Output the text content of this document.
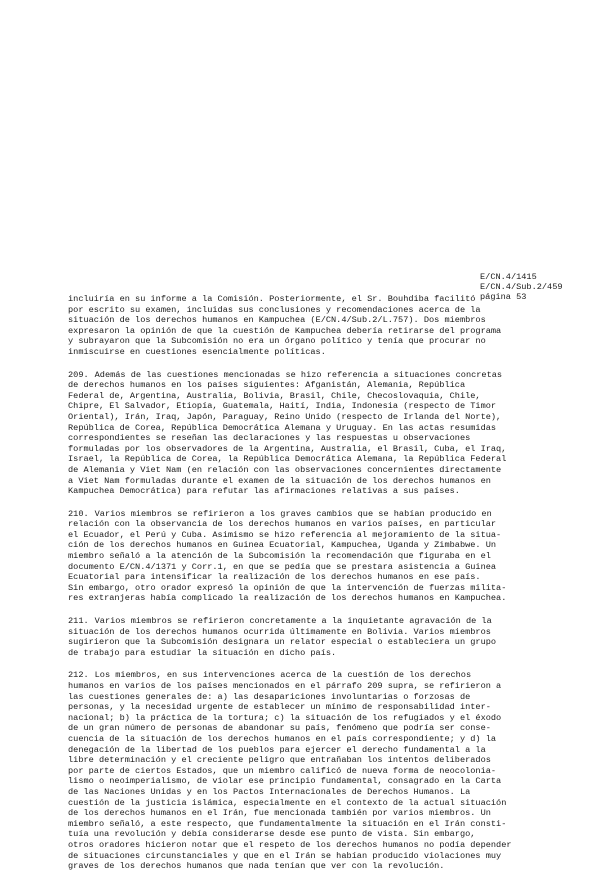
E/CN.4/1415
E/CN.4/Sub.2/459
página 53

incluiría en su informe a la Comisión. Posteriormente, el Sr. Bouhdiba facilitó
por escrito su examen, incluidas sus conclusiones y recomendaciones acerca de la
situación de los derechos humanos en Kampuchea (E/CN.4/Sub.2/L.757). Dos miembros
expresaron la opinión de que la cuestión de Kampuchea debería retirarse del programa
y subrayaron que la Subcomisión no era un órgano político y tenía que procurar no
inmiscuirse en cuestiones esencialmente políticas.

209. Además de las cuestiones mencionadas se hizo referencia a situaciones concretas
de derechos humanos en los países siguientes: Afganistán, Alemania, República
Federal de, Argentina, Australia, Bolivia, Brasil, Chile, Checoslovaquia, Chile,
Chipre, El Salvador, Etiopía, Guatemala, Haití, India, Indonesia (respecto de Timor
Oriental), Irán, Iraq, Japón, Paraguay, Reino Unido (respecto de Irlanda del Norte),
República de Corea, República Democrática Alemana y Uruguay. En las actas resumidas
correspondientes se reseñan las declaraciones y las respuestas u observaciones
formuladas por los observadores de la Argentina, Australia, el Brasil, Cuba, el Iraq,
Israel, la República de Corea, la República Democrática Alemana, la República Federal
de Alemania y Viet Nam (en relación con las observaciones concernientes directamente
a Viet Nam formuladas durante el examen de la situación de los derechos humanos en
Kampuchea Democrática) para refutar las afirmaciones relativas a sus países.

210. Varios miembros se refirieron a los graves cambios que se habían producido en
relación con la observancia de los derechos humanos en varios países, en particular
el Ecuador, el Perú y Cuba. Asimismo se hizo referencia al mejoramiento de la situa-
ción de los derechos humanos en Guinea Ecuatorial, Kampuchea, Uganda y Zimbabwe. Un
miembro señaló a la atención de la Subcomisión la recomendación que figuraba en el
documento E/CN.4/1371 y Corr.1, en que se pedía que se prestara asistencia a Guinea
Ecuatorial para intensificar la realización de los derechos humanos en ese país.
Sin embargo, otro orador expresó la opinión de que la intervención de fuerzas milita-
res extranjeras había complicado la realización de los derechos humanos en Kampuchea.

211. Varios miembros se refirieron concretamente a la inquietante agravación de la
situación de los derechos humanos ocurrida últimamente en Bolivia. Varios miembros
sugirieron que la Subcomisión designara un relator especial o estableciera un grupo
de trabajo para estudiar la situación en dicho país.

212. Los miembros, en sus intervenciones acerca de la cuestión de los derechos
humanos en varios de los países mencionados en el párrafo 209 supra, se refirieron a
las cuestiones generales de: a) las desapariciones involuntarias o forzosas de
personas, y la necesidad urgente de establecer un mínimo de responsabilidad inter-
nacional; b) la práctica de la tortura; c) la situación de los refugiados y el éxodo
de un gran número de personas de abandonar su país, fenómeno que podría ser conse-
cuencia de la situación de los derechos humanos en el país correspondiente; y d) la
denegación de la libertad de los pueblos para ejercer el derecho fundamental a la
libre determinación y el creciente peligro que entrañaban los intentos deliberados
por parte de ciertos Estados, que un miembro calificó de nueva forma de neocolonia-
lismo o neoimperialismo, de violar ese principio fundamental, consagrado en la Carta
de las Naciones Unidas y en los Pactos Internacionales de Derechos Humanos. La
cuestión de la justicia islámica, especialmente en el contexto de la actual situación
de los derechos humanos en el Irán, fue mencionada también por varios miembros. Un
miembro señaló, a este respecto, que fundamentalmente la situación en el Irán consti-
tuía una revolución y debía considerarse desde ese punto de vista. Sin embargo,
otros oradores hicieron notar que el respeto de los derechos humanos no podía depender
de situaciones circunstanciales y que en el Irán se habían producido violaciones muy
graves de los derechos humanos que nada tenían que ver con la revolución.
